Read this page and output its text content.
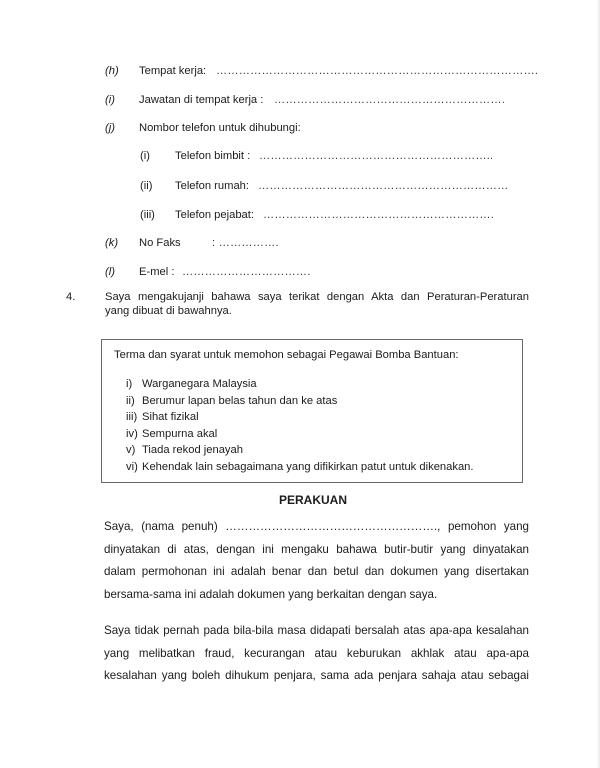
(h) Tempat kerja: ………………………………………………………………………….
(i) Jawatan di tempat kerja : …………………………………………………….
(j) Nombor telefon untuk dihubungi:
(i) Telefon bimbit : ……………………………………………………..
(ii) Telefon rumah: …………………………………………………………
(iii) Telefon pejabat: …………………………………………………….
(k) No Faks	: …………….
(l) E-mel : …………………………….
4.	Saya mengakujanji bahawa saya terikat dengan Akta dan Peraturan-Peraturan
yang dibuat di bawahnya.
Terma dan syarat untuk memohon sebagai Pegawai Bomba Bantuan:
i) Warganegara Malaysia
ii) Berumur lapan belas tahun dan ke atas
iii) Sihat fizikal
iv) Sempurna akal
v) Tiada rekod jenayah
vi) Kehendak lain sebagaimana yang difikirkan patut untuk dikenakan.
PERAKUAN
Saya, (nama penuh) ………………………………………………., pemohon yang
dinyatakan di atas, dengan ini mengaku bahawa butir-butir yang dinyatakan
dalam permohonan ini adalah benar dan betul dan dokumen yang disertakan
bersama-sama ini adalah dokumen yang berkaitan dengan saya.
Saya tidak pernah pada bila-bila masa didapati bersalah atas apa-apa kesalahan
yang melibatkan fraud, kecurangan atau keburukan akhlak atau apa-apa
kesalahan yang boleh dihukum penjara, sama ada penjara sahaja atau sebagai
